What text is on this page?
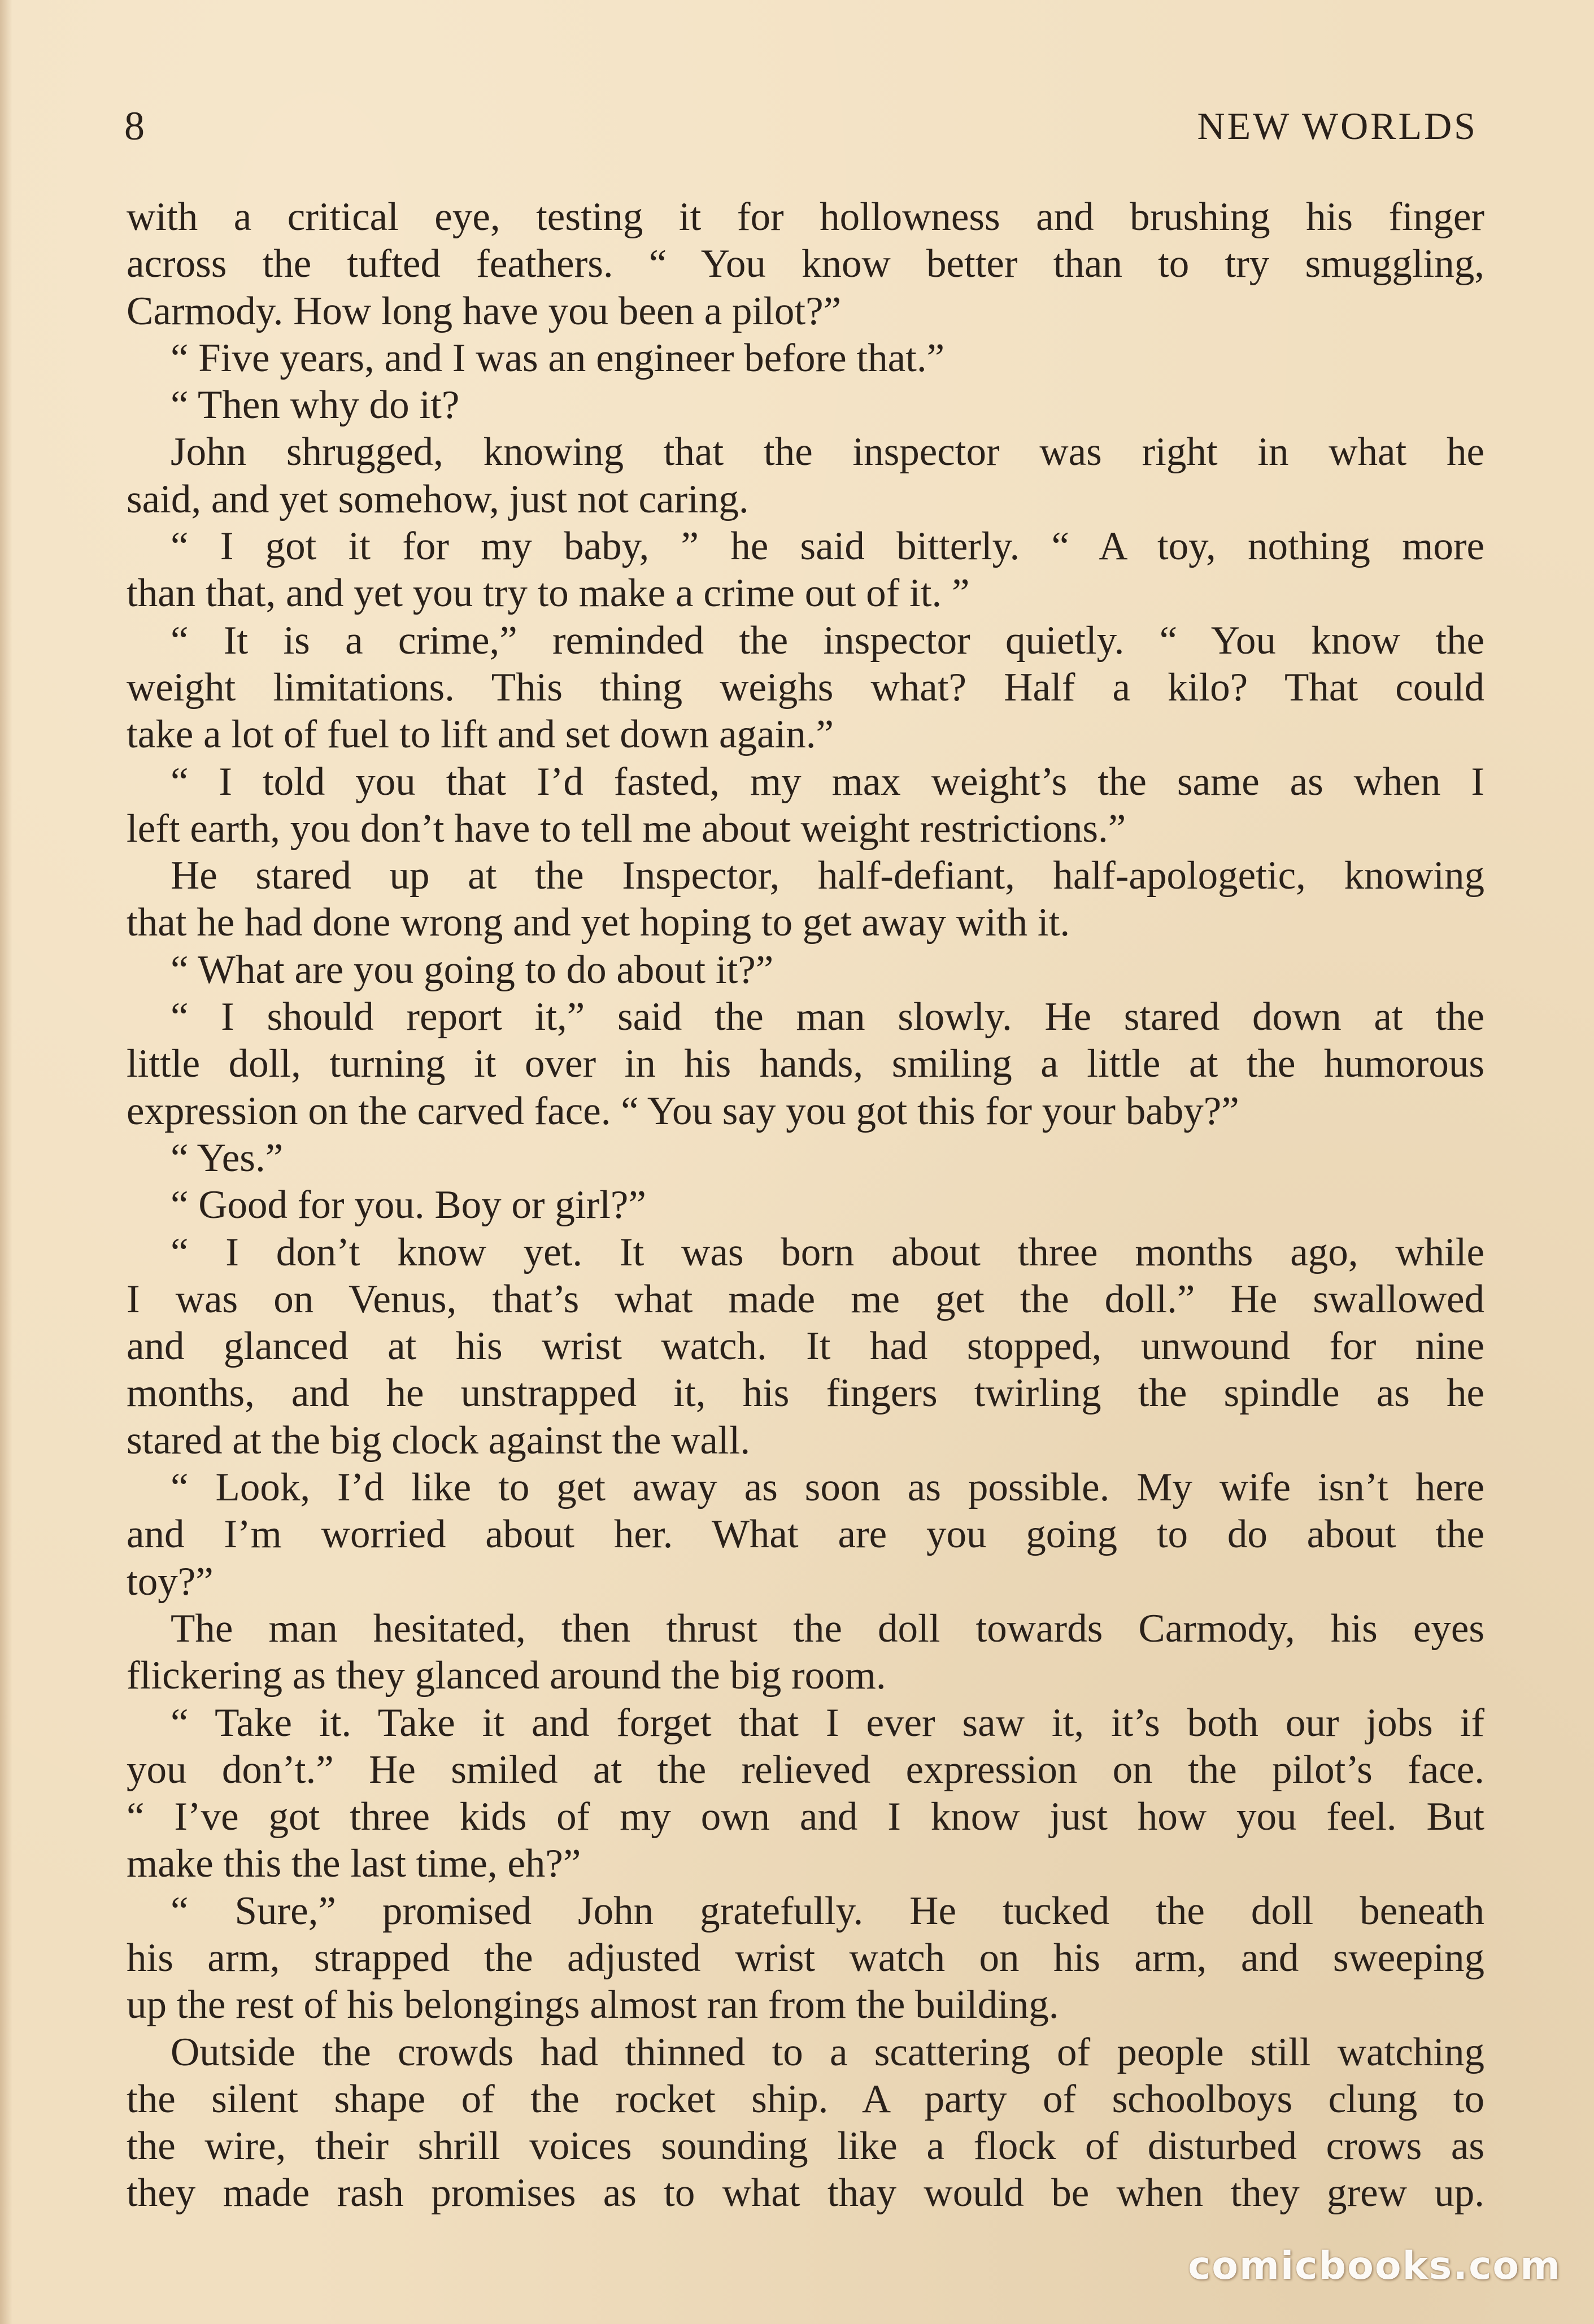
8	NEW WORLDS
with a critical eye, testing it for hollowness and brushing his finger
across the tufted feathers. “ You know better than to try smuggling,
Carmody. How long have you been a pilot?”
“ Five years, and I was an engineer before that.”
“ Then why do it?
John shrugged, knowing that the inspector was right in what he
said, and yet somehow, just not caring.
“ I got it for my baby, ” he said bitterly. “ A toy, nothing more
than that, and yet you try to make a crime out of it. ”
“ It is a crime,” reminded the inspector quietly. “ You know the
weight limitations. This thing weighs what? Half a kilo? That could
take a lot of fuel to lift and set down again.”
“ I told you that I’d fasted, my max weight’s the same as when I
left earth, you don’t have to tell me about weight restrictions.”
He stared up at the Inspector, half-defiant, half-apologetic, knowing
that he had done wrong and yet hoping to get away with it.
“ What are you going to do about it?”
“ I should report it,” said the man slowly. He stared down at the
little doll, turning it over in his hands, smiling a little at the humorous
expression on the carved face. “ You say you got this for your baby?”
“ Yes.”
“ Good for you. Boy or girl?”
“ I don’t know yet. It was born about three months ago, while
I was on Venus, that’s what made me get the doll.” He swallowed
and glanced at his wrist watch. It had stopped, unwound for nine
months, and he unstrapped it, his fingers twirling the spindle as he
stared at the big clock against the wall.
“ Look, I’d like to get away as soon as possible. My wife isn’t here
and I’m worried about her. What are you going to do about the
toy?”
The man hesitated, then thrust the doll towards Carmody, his eyes
flickering as they glanced around the big room.
“ Take it. Take it and forget that I ever saw it, it’s both our jobs if
you don’t.” He smiled at the relieved expression on the pilot’s face.
“ I’ve got three kids of my own and I know just how you feel. But
make this the last time, eh?”
“ Sure,” promised John gratefully. He tucked the doll beneath
his arm, strapped the adjusted wrist watch on his arm, and sweeping
up the rest of his belongings almost ran from the building.
Outside the crowds had thinned to a scattering of people still watching
the silent shape of the rocket ship. A party of schoolboys clung to
the wire, their shrill voices sounding like a flock of disturbed crows as
they made rash promises as to what thay would be when they grew up.
comicbooks.com
